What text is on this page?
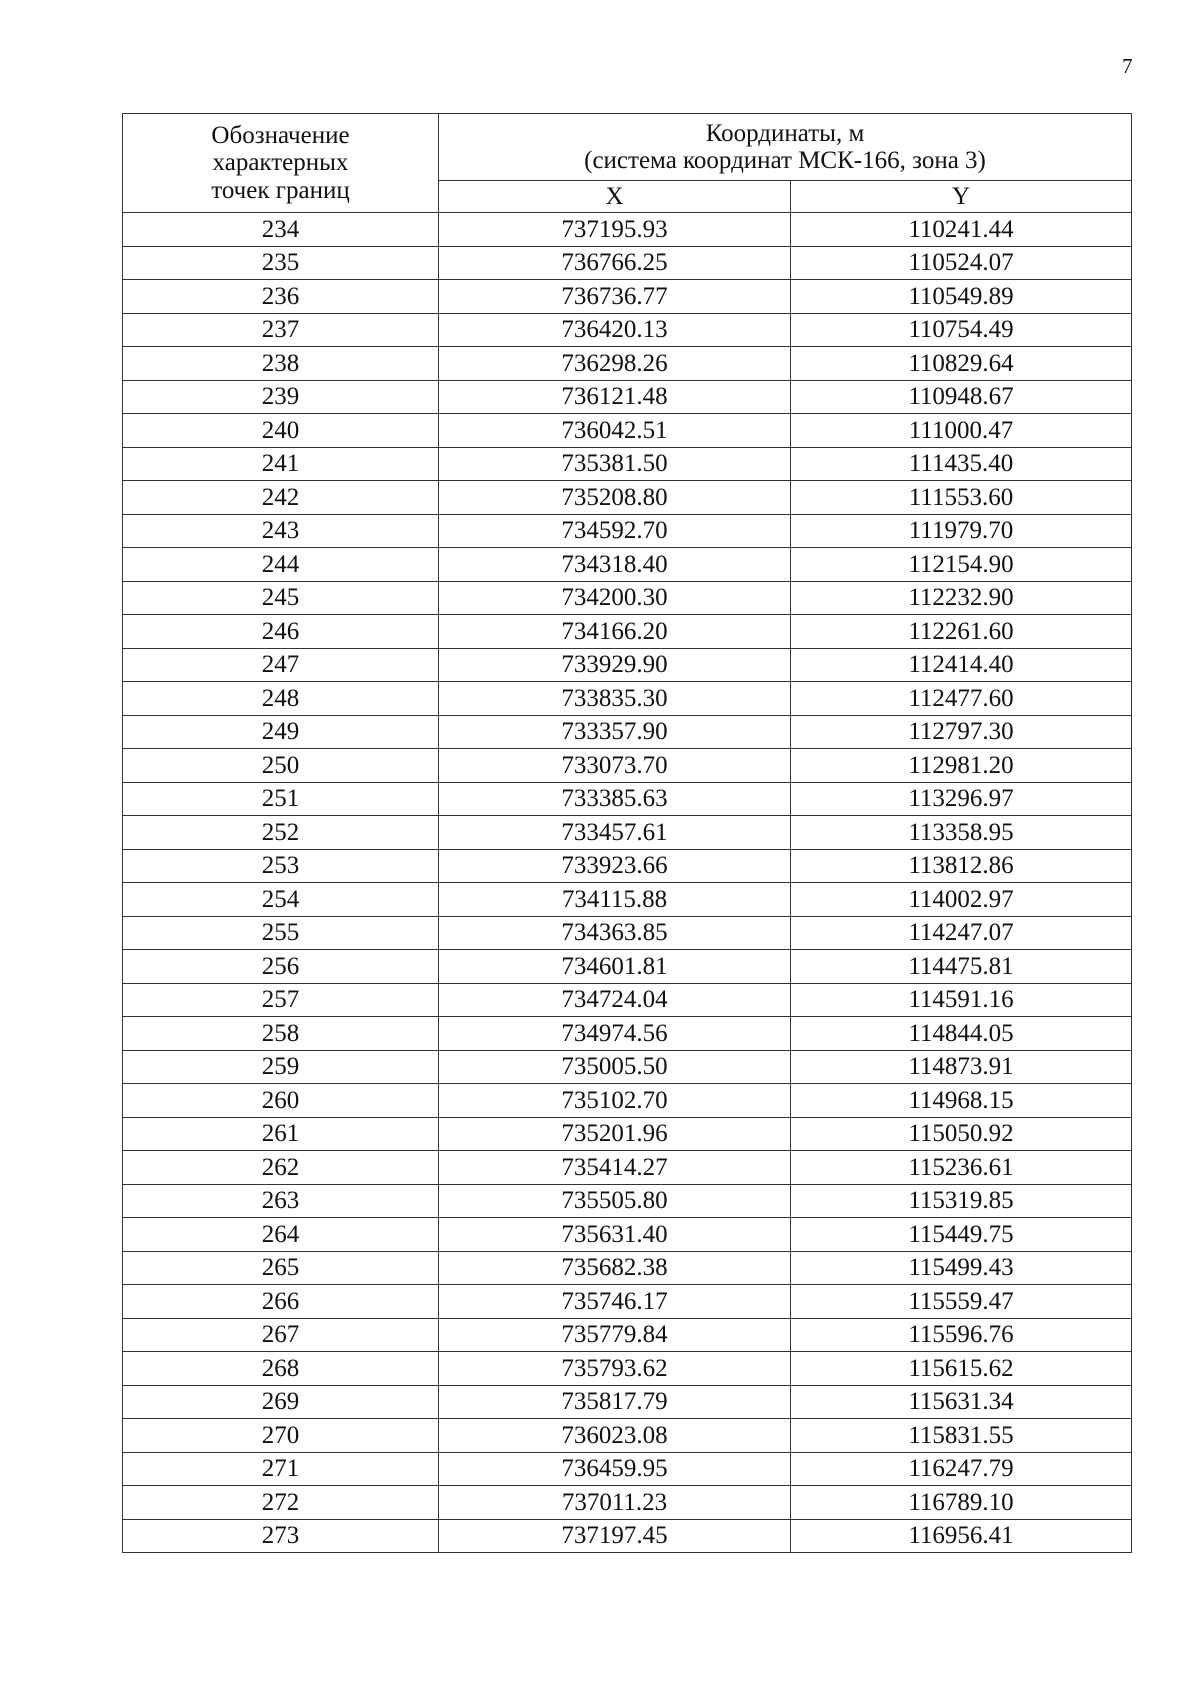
7
Обозначение
характерных
точек границ	Координаты, м
(система координат МСК-166, зона 3)	

	X	Y
234	737195.93	110241.44
235	736766.25	110524.07
236	736736.77	110549.89
237	736420.13	110754.49
238	736298.26	110829.64
239	736121.48	110948.67
240	736042.51	111000.47
241	735381.50	111435.40
242	735208.80	111553.60
243	734592.70	111979.70
244	734318.40	112154.90
245	734200.30	112232.90
246	734166.20	112261.60
247	733929.90	112414.40
248	733835.30	112477.60
249	733357.90	112797.30
250	733073.70	112981.20
251	733385.63	113296.97
252	733457.61	113358.95
253	733923.66	113812.86
254	734115.88	114002.97
255	734363.85	114247.07
256	734601.81	114475.81
257	734724.04	114591.16
258	734974.56	114844.05
259	735005.50	114873.91
260	735102.70	114968.15
261	735201.96	115050.92
262	735414.27	115236.61
263	735505.80	115319.85
264	735631.40	115449.75
265	735682.38	115499.43
266	735746.17	115559.47
267	735779.84	115596.76
268	735793.62	115615.62
269	735817.79	115631.34
270	736023.08	115831.55
271	736459.95	116247.79
272	737011.23	116789.10
273	737197.45	116956.41
